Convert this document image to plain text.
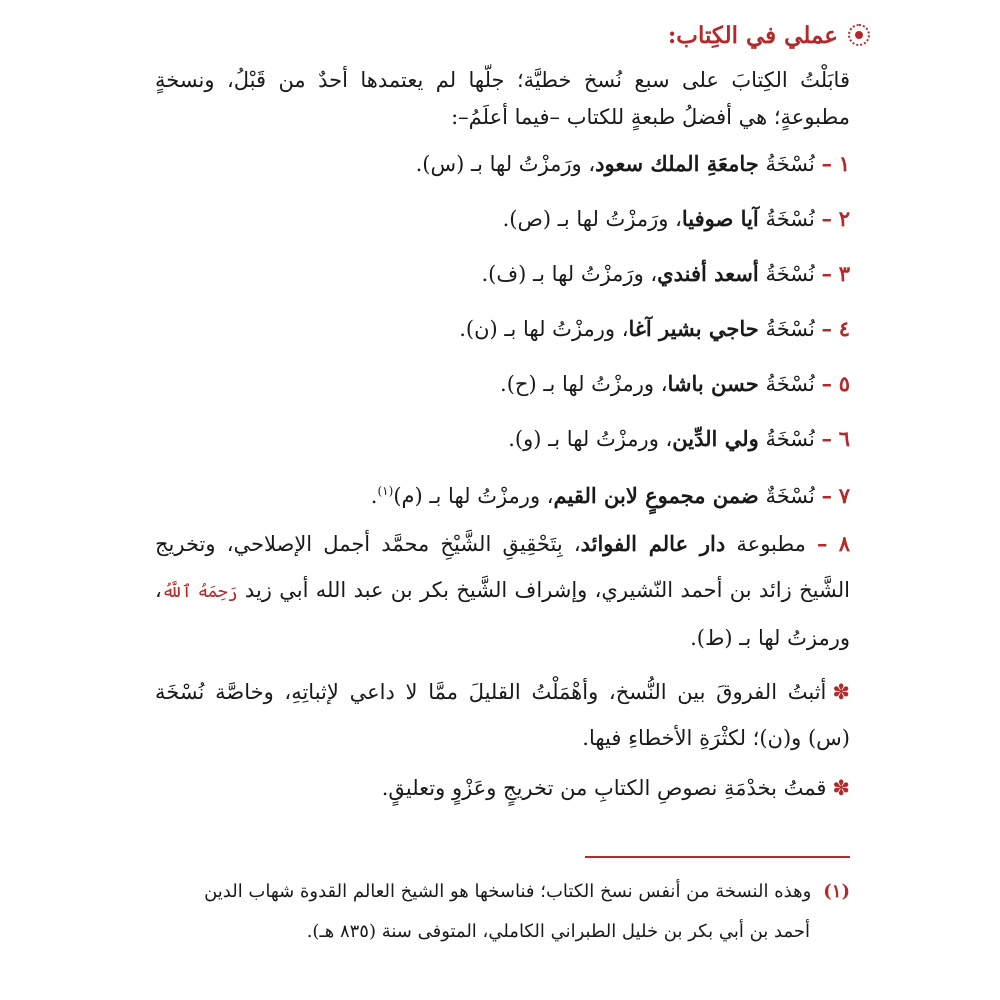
عملي في الكِتاب:

قابَلْتُ الكِتابَ على سبع نُسخ خطيَّة؛ جلّها لم يعتمدها أحدٌ من قَبْلُ، ونسخةٍ مطبوعةٍ؛ هي أفضلُ طبعةٍ للكتاب –فيما أعلَمُ–:

١ – نُسْخَةُ جامعَةِ الملك سعود، ورَمزْتُ لها بـ (س).

٢ – نُسْخَةُ آيا صوفيا، ورَمزْتُ لها بـ (ص).

٣ – نُسْخَةُ أسعد أفندي، ورَمزْتُ لها بـ (ف).

٤ – نُسْخَةُ حاجي بشير آغا، ورمزْتُ لها بـ (ن).

٥ – نُسْخَةُ حسن باشا، ورمزْتُ لها بـ (ح).

٦ – نُسْخَةُ ولي الدِّين، ورمزْتُ لها بـ (و).

٧ – نُسْخَةٌ ضمن مجموعٍ لابن القيم، ورمزْتُ لها بـ (م)$^{(١)}$.

٨ – مطبوعة دار عالم الفوائد، بِتَحْقِيقِ الشَّيْخِ محمَّد أجمل الإصلاحي، وتخريج الشَّيخ زائد بن أحمد النّشيري، وإشراف الشَّيخ بكر بن عبد الله أبي زيد رَحِمَهُ ٱللَّهُ، ورمزتُ لها بـ (ط).

✽أثبتُ الفروقَ بين النُّسخ، وأهْمَلْتُ القليلَ ممَّا لا داعي لإثباتِهِ، وخاصَّة نُسْخَة (س) و(ن)؛ لكثْرَةِ الأخطاءِ فيها.

✽قمتُ بخدْمَةِ نصوصِ الكتابِ من تخريجٍ وعَزْوٍ وتعليقٍ.

(١)وهذه النسخة من أنفس نسخ الكتاب؛ فناسخها هو الشيخ العالم القدوة شهاب الدين
أحمد بن أبي بكر بن خليل الطبراني الكاملي، المتوفى سنة (٨٣٥ هـ).
